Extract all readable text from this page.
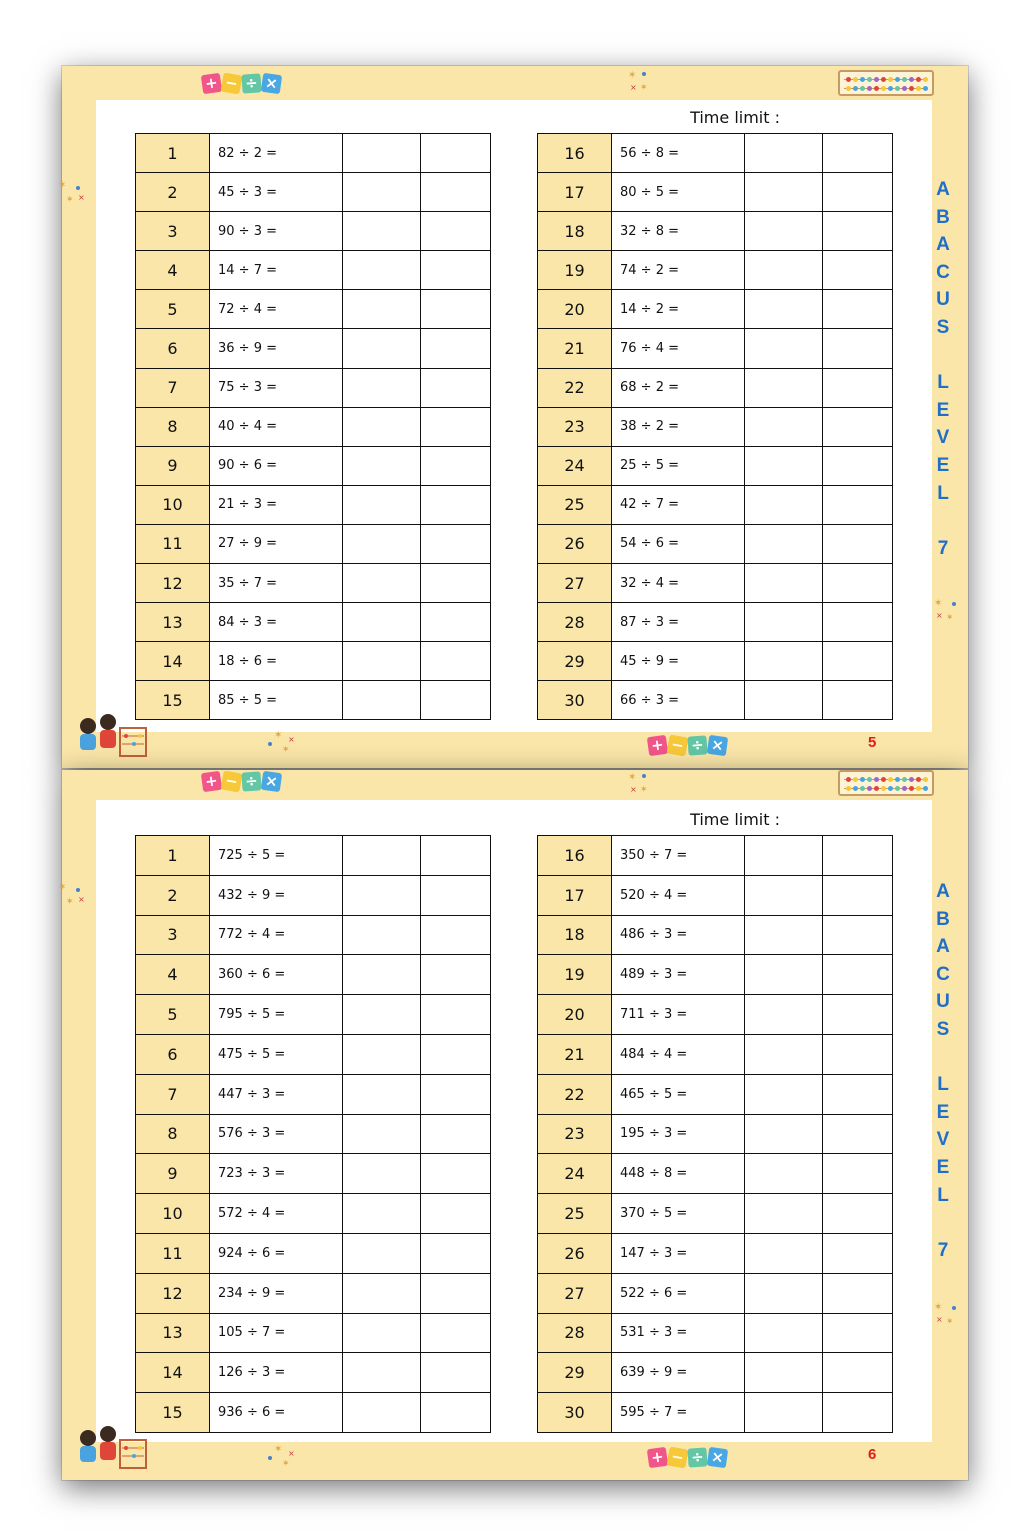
+ − ÷ ×	✶
✶
×
✶
✶ ×
✶
✶
×
Time limit :
1	82 ÷ 2 =		
2	45 ÷ 3 =		
3	90 ÷ 3 =		
4	14 ÷ 7 =		
5	72 ÷ 4 =		
6	36 ÷ 9 =		
7	75 ÷ 3 =		
8	40 ÷ 4 =		
9	90 ÷ 6 =		
10	21 ÷ 3 =		
11	27 ÷ 9 =		
12	35 ÷ 7 =		
13	84 ÷ 3 =		
14	18 ÷ 6 =		
15	85 ÷ 5 =		
16	56 ÷ 8 =		
17	80 ÷ 5 =		
18	32 ÷ 8 =		
19	74 ÷ 2 =		
20	14 ÷ 2 =		
21	76 ÷ 4 =		
22	68 ÷ 2 =		
23	38 ÷ 2 =		
24	25 ÷ 5 =		
25	42 ÷ 7 =		
26	54 ÷ 6 =		
27	32 ÷ 4 =		
28	87 ÷ 3 =		
29	45 ÷ 9 =		
30	66 ÷ 3 =		
A
B
A
C
U
S
L
E
V
E
L
7
✶
✶
×	+ − ÷ ×	5
+ − ÷ ×	✶
✶
×
✶
✶ ×
✶
✶
×
Time limit :
1	725 ÷ 5 =		
2	432 ÷ 9 =		
3	772 ÷ 4 =		
4	360 ÷ 6 =		
5	795 ÷ 5 =		
6	475 ÷ 5 =		
7	447 ÷ 3 =		
8	576 ÷ 3 =		
9	723 ÷ 3 =		
10	572 ÷ 4 =		
11	924 ÷ 6 =		
12	234 ÷ 9 =		
13	105 ÷ 7 =		
14	126 ÷ 3 =		
15	936 ÷ 6 =		
16	350 ÷ 7 =		
17	520 ÷ 4 =		
18	486 ÷ 3 =		
19	489 ÷ 3 =		
20	711 ÷ 3 =		
21	484 ÷ 4 =		
22	465 ÷ 5 =		
23	195 ÷ 3 =		
24	448 ÷ 8 =		
25	370 ÷ 5 =		
26	147 ÷ 3 =		
27	522 ÷ 6 =		
28	531 ÷ 3 =		
29	639 ÷ 9 =		
30	595 ÷ 7 =		
A
B
A
C
U
S
L
E
V
E
L
7
✶
✶
×	+ − ÷ ×	6
